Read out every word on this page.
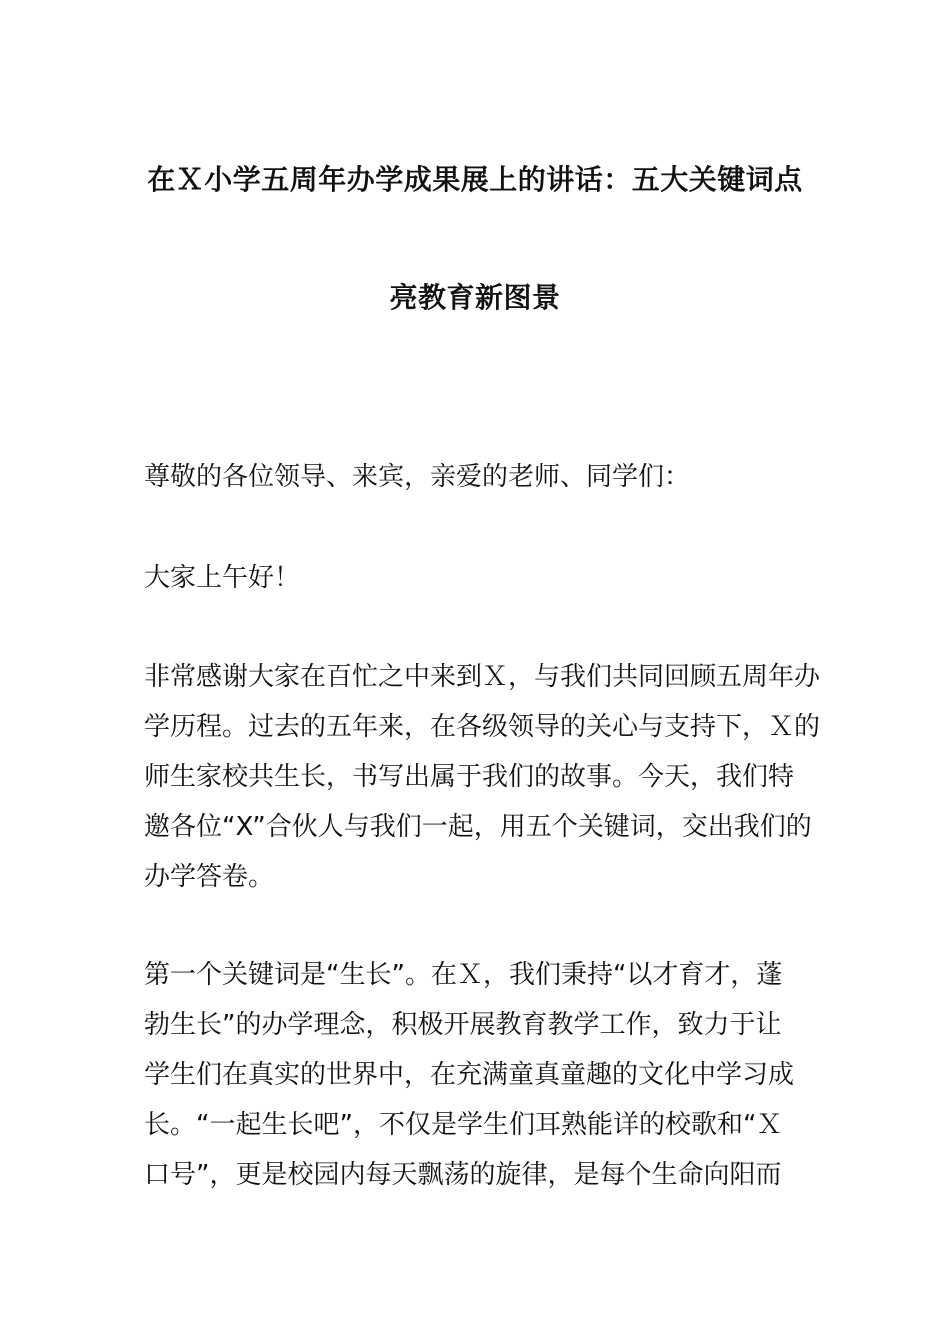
在Ｘ小学五周年办学成果展上的讲话：五大关键词点
亮教育新图景
尊敬的各位领导、来宾，亲爱的老师、同学们：
大家上午好！
非常感谢大家在百忙之中来到Ｘ，与我们共同回顾五周年办
学历程。过去的五年来，在各级领导的关心与支持下，Ｘ的
师生家校共生长，书写出属于我们的故事。今天，我们特
邀各位“X”合伙人与我们一起，用五个关键词，交出我们的
办学答卷。
第一个关键词是“生长”。在Ｘ，我们秉持“以才育才，蓬
勃生长”的办学理念，积极开展教育教学工作，致力于让
学生们在真实的世界中，在充满童真童趣的文化中学习成
长。“一起生长吧”，不仅是学生们耳熟能详的校歌和“Ｘ
口号”，更是校园内每天飘荡的旋律，是每个生命向阳而
